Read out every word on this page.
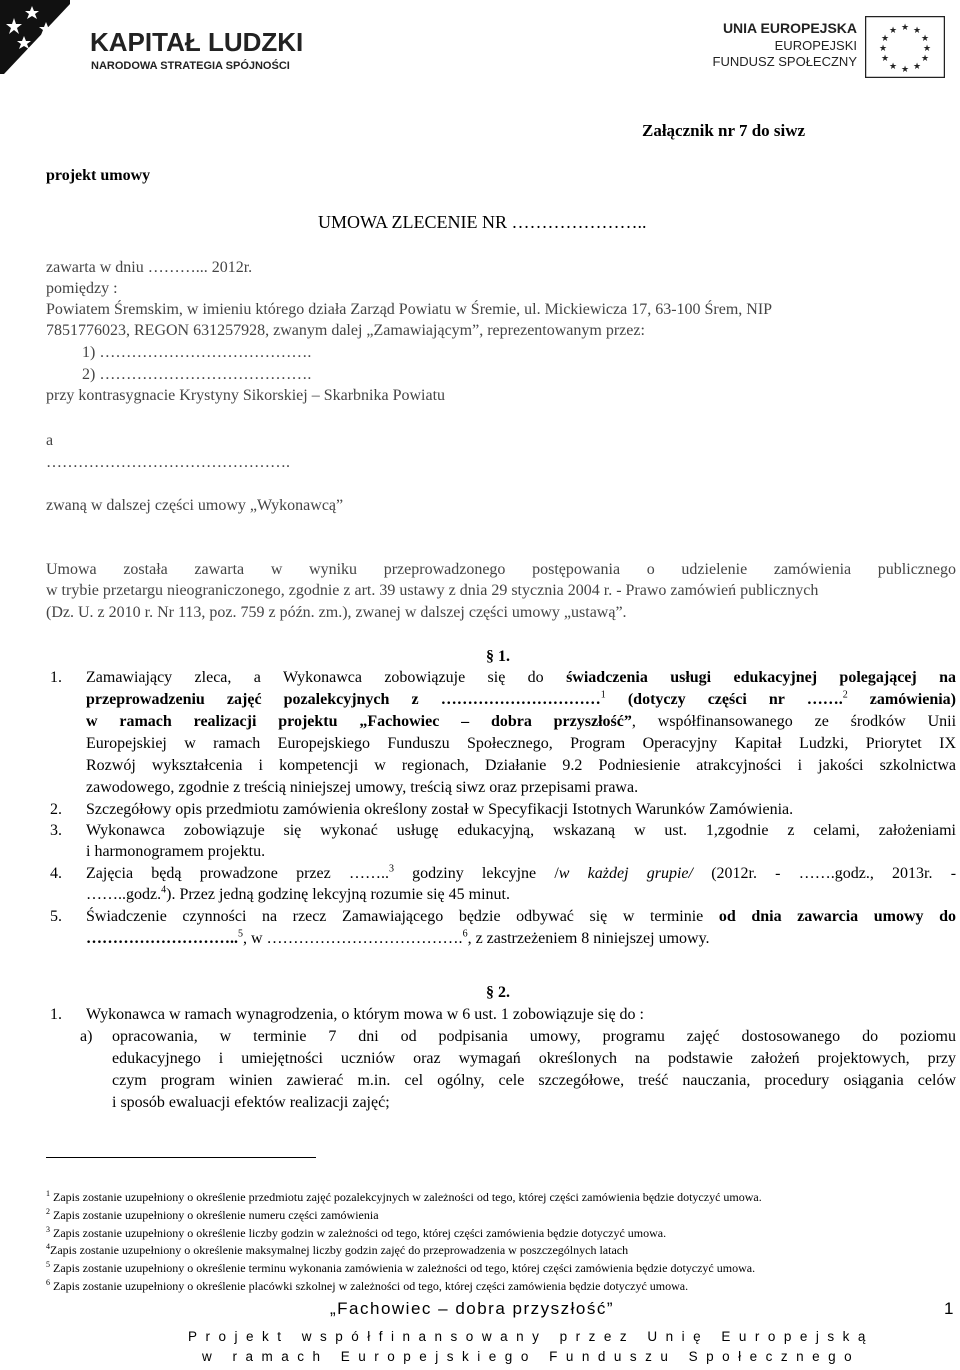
KAPITAŁ LUDZKI
NARODOWA STRATEGIA SPÓJNOŚCI
UNIA EUROPEJSKA
EUROPEJSKI
FUNDUSZ SPOŁECZNY
★ ★
★
★
★
★
★
★
★
★
★
★
Załącznik nr 7 do siwz
projekt umowy
UMOWA ZLECENIE NR …………………..
zawarta w dniu ………... 2012r.
pomiędzy :
Powiatem Śremskim, w imieniu którego działa Zarząd Powiatu w Śremie, ul. Mickiewicza 17, 63-100 Śrem, NIP
7851776023, REGON 631257928, zwanym dalej „Zamawiającym”, reprezentowanym przez:
1) ………………………………….
2) ………………………………….
przy kontrasygnacie Krystyny Sikorskiej – Skarbnika Powiatu
a
……………………………………….
zwaną w dalszej części umowy „Wykonawcą”
Umowa została zawarta w wyniku przeprowadzonego postępowania o udzielenie zamówienia publicznego
w trybie przetargu nieograniczonego, zgodnie z art. 39 ustawy z dnia 29 stycznia 2004 r. - Prawo zamówień publicznych
(Dz. U. z 2010 r. Nr 113, poz. 759 z późn. zm.), zwanej w dalszej części umowy „ustawą”.
§ 1.
1. Zamawiający zleca, a Wykonawca zobowiązuje się do świadczenia usługi edukacyjnej polegającej na
przeprowadzeniu zajęć pozalekcyjnych z …………………………$^1$ (dotyczy części nr …….$^2$ zamówienia)
w ramach realizacji projektu „Fachowiec – dobra przyszłość”, współfinansowanego ze środków Unii
Europejskiej w ramach Europejskiego Funduszu Społecznego, Program Operacyjny Kapitał Ludzki, Priorytet IX
Rozwój wykształcenia i kompetencji w regionach, Działanie 9.2 Podniesienie atrakcyjności i jakości szkolnictwa
zawodowego, zgodnie z treścią niniejszej umowy, treścią siwz oraz przepisami prawa.
2. Szczegółowy opis przedmiotu zamówienia określony został w Specyfikacji Istotnych Warunków Zamówienia.
3. Wykonawca zobowiązuje się wykonać usługę edukacyjną, wskazaną w ust. 1,zgodnie z celami, założeniami
i harmonogramem projektu.
4. Zajęcia będą prowadzone przez ……..$^3$ godziny lekcyjne /w każdej grupie/ (2012r. - …….godz., 2013r. -
……..godz.$^4$). Przez jedną godzinę lekcyjną rozumie się 45 minut.
5. Świadczenie czynności na rzecz Zamawiającego będzie odbywać się w terminie od dnia zawarcia umowy do
………………………..$^5$, w ……………………………….$^6$, z zastrzeżeniem 8 niniejszej umowy.
§ 2.
1. Wykonawca w ramach wynagrodzenia, o którym mowa w 6 ust. 1 zobowiązuje się do :
a) opracowania, w terminie 7 dni od podpisania umowy, programu zajęć dostosowanego do poziomu
edukacyjnego i umiejętności uczniów oraz wymagań określonych na podstawie założeń projektowych, przy
czym program winien zawierać m.in. cel ogólny, cele szczegółowe, treść nauczania, procedury osiągania celów
i sposób ewaluacji efektów realizacji zajęć;
$^1$ Zapis zostanie uzupełniony o określenie przedmiotu zajęć pozalekcyjnych w zależności od tego, której części zamówienia będzie dotyczyć umowa.
$^2$ Zapis zostanie uzupełniony o określenie numeru części zamówienia
$^3$ Zapis zostanie uzupełniony o określenie liczby godzin w zależności od tego, której części zamówienia będzie dotyczyć umowa.
$^4$Zapis zostanie uzupełniony o określenie maksymalnej liczby godzin zajęć do przeprowadzenia w poszczególnych latach
$^5$ Zapis zostanie uzupełniony o określenie terminu wykonania zamówienia w zależności od tego, której części zamówienia będzie dotyczyć umowa.
$^6$ Zapis zostanie uzupełniony o określenie placówki szkolnej w zależności od tego, której części zamówienia będzie dotyczyć umowa.
„Fachowiec – dobra przyszłość”	1
Projekt współfinansowany przez Unię Europejską
w ramach Europejskiego Funduszu Społecznego
